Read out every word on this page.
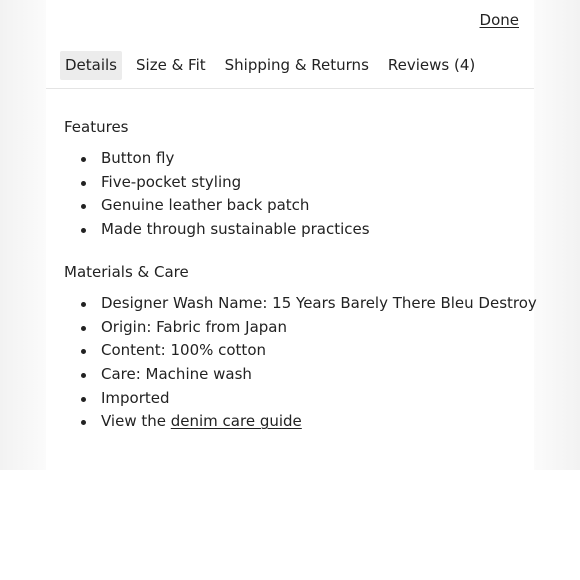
Done
Details	Size & Fit	Shipping & Returns	Reviews (4)
Features
Button fly
Five-pocket styling
Genuine leather back patch
Made through sustainable practices
Materials & Care
Designer Wash Name: 15 Years Barely There Bleu Destroy
Origin: Fabric from Japan
Content: 100% cotton
Care: Machine wash
Imported
View the denim care guide
